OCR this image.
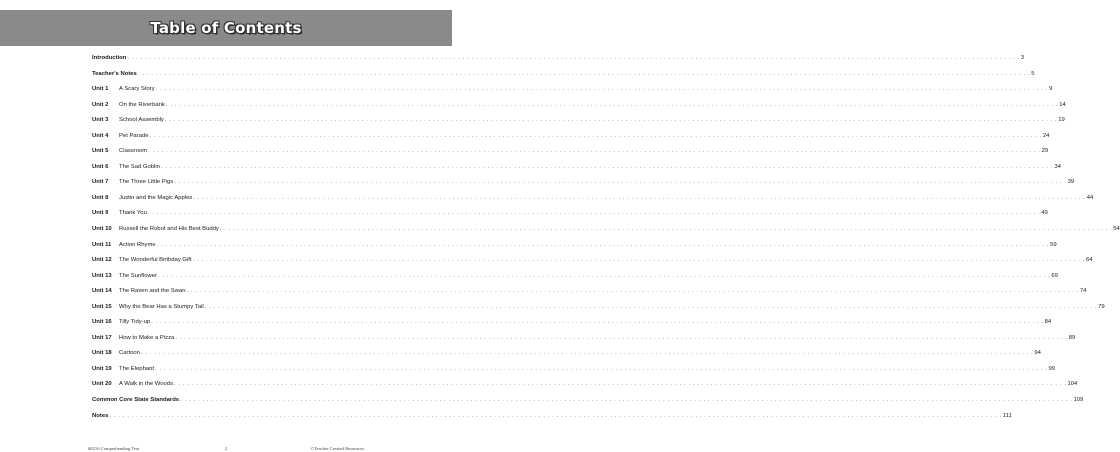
Table of Contents
Introduction . . . . . . . . . . . . . . . . . . . . . . . . . . . . . . . . . . . . . . . . . . . . . . . . . . . . . . . . . . . . . . . . . . . . . . . . . . . . . . . . . . . . . . . . . . . . . . . . . . . . . . . . . . . . . . . . . . . . . . . . . . . . . . . . . . . . . . . . . . . . . . . . . . . . . . . . . . . . . . . . . . . . . . . . . . . . . . . . . . . . . . . . . . . . . . . . . . . . . . . . 3
Teacher's Notes . . . . . . . . . . . . . . . . . . . . . . . . . . . . . . . . . . . . . . . . . . . . . . . . . . . . . . . . . . . . . . . . . . . . . . . . . . . . . . . . . . . . . . . . . . . . . . . . . . . . . . . . . . . . . . . . . . . . . . . . . . . . . . . . . . . . . . . . . . . . . . . . . . . . . . . . . . . . . . . . . . . . . . . . . . . . . . . . . . . . . . . . . . . . . . . . . . . . . . . . 5
Unit 1	A Scary Story . . . . . . . . . . . . . . . . . . . . . . . . . . . . . . . . . . . . . . . . . . . . . . . . . . . . . . . . . . . . . . . . . . . . . . . . . . . . . . . . . . . . . . . . . . . . . . . . . . . . . . . . . . . . . . . . . . . . . . . . . . . . . . . . . . . . . . . . . . . . . . . . . . . . . . . . . . . . . . . . . . . . . . . . . . . . . . . . . . . . . . . . . . . . . . . . . . . . . . . . 9
Unit 2	On the Riverbank . . . . . . . . . . . . . . . . . . . . . . . . . . . . . . . . . . . . . . . . . . . . . . . . . . . . . . . . . . . . . . . . . . . . . . . . . . . . . . . . . . . . . . . . . . . . . . . . . . . . . . . . . . . . . . . . . . . . . . . . . . . . . . . . . . . . . . . . . . . . . . . . . . . . . . . . . . . . . . . . . . . . . . . . . . . . . . . . . . . . . . . . . . . . . . . . . . . . . . . . 14
Unit 3	School Assembly . . . . . . . . . . . . . . . . . . . . . . . . . . . . . . . . . . . . . . . . . . . . . . . . . . . . . . . . . . . . . . . . . . . . . . . . . . . . . . . . . . . . . . . . . . . . . . . . . . . . . . . . . . . . . . . . . . . . . . . . . . . . . . . . . . . . . . . . . . . . . . . . . . . . . . . . . . . . . . . . . . . . . . . . . . . . . . . . . . . . . . . . . . . . . . . . . . . . . . . . 19
Unit 4	Pet Parade . . . . . . . . . . . . . . . . . . . . . . . . . . . . . . . . . . . . . . . . . . . . . . . . . . . . . . . . . . . . . . . . . . . . . . . . . . . . . . . . . . . . . . . . . . . . . . . . . . . . . . . . . . . . . . . . . . . . . . . . . . . . . . . . . . . . . . . . . . . . . . . . . . . . . . . . . . . . . . . . . . . . . . . . . . . . . . . . . . . . . . . . . . . . . . . . . . . . . . . . 24
Unit 5	Classroom . . . . . . . . . . . . . . . . . . . . . . . . . . . . . . . . . . . . . . . . . . . . . . . . . . . . . . . . . . . . . . . . . . . . . . . . . . . . . . . . . . . . . . . . . . . . . . . . . . . . . . . . . . . . . . . . . . . . . . . . . . . . . . . . . . . . . . . . . . . . . . . . . . . . . . . . . . . . . . . . . . . . . . . . . . . . . . . . . . . . . . . . . . . . . . . . . . . . . . . . 29
Unit 6	The Sad Goblin . . . . . . . . . . . . . . . . . . . . . . . . . . . . . . . . . . . . . . . . . . . . . . . . . . . . . . . . . . . . . . . . . . . . . . . . . . . . . . . . . . . . . . . . . . . . . . . . . . . . . . . . . . . . . . . . . . . . . . . . . . . . . . . . . . . . . . . . . . . . . . . . . . . . . . . . . . . . . . . . . . . . . . . . . . . . . . . . . . . . . . . . . . . . . . . . . . . . . . . . 34
Unit 7	The Three Little Pigs . . . . . . . . . . . . . . . . . . . . . . . . . . . . . . . . . . . . . . . . . . . . . . . . . . . . . . . . . . . . . . . . . . . . . . . . . . . . . . . . . . . . . . . . . . . . . . . . . . . . . . . . . . . . . . . . . . . . . . . . . . . . . . . . . . . . . . . . . . . . . . . . . . . . . . . . . . . . . . . . . . . . . . . . . . . . . . . . . . . . . . . . . . . . . . . . . . . . . . . . 39
Unit 8	Justin and the Magic Apples . . . . . . . . . . . . . . . . . . . . . . . . . . . . . . . . . . . . . . . . . . . . . . . . . . . . . . . . . . . . . . . . . . . . . . . . . . . . . . . . . . . . . . . . . . . . . . . . . . . . . . . . . . . . . . . . . . . . . . . . . . . . . . . . . . . . . . . . . . . . . . . . . . . . . . . . . . . . . . . . . . . . . . . . . . . . . . . . . . . . . . . . . . . . . . . . . . . . . . . . 44
Unit 9	Thank You . . . . . . . . . . . . . . . . . . . . . . . . . . . . . . . . . . . . . . . . . . . . . . . . . . . . . . . . . . . . . . . . . . . . . . . . . . . . . . . . . . . . . . . . . . . . . . . . . . . . . . . . . . . . . . . . . . . . . . . . . . . . . . . . . . . . . . . . . . . . . . . . . . . . . . . . . . . . . . . . . . . . . . . . . . . . . . . . . . . . . . . . . . . . . . . . . . . . . . . . 49
Unit 10	Russell the Robot and His Best Buddy . . . . . . . . . . . . . . . . . . . . . . . . . . . . . . . . . . . . . . . . . . . . . . . . . . . . . . . . . . . . . . . . . . . . . . . . . . . . . . . . . . . . . . . . . . . . . . . . . . . . . . . . . . . . . . . . . . . . . . . . . . . . . . . . . . . . . . . . . . . . . . . . . . . . . . . . . . . . . . . . . . . . . . . . . . . . . . . . . . . . . . . . . . . . . . . . . . . . . . . . 54
Unit 11	Action Rhyme . . . . . . . . . . . . . . . . . . . . . . . . . . . . . . . . . . . . . . . . . . . . . . . . . . . . . . . . . . . . . . . . . . . . . . . . . . . . . . . . . . . . . . . . . . . . . . . . . . . . . . . . . . . . . . . . . . . . . . . . . . . . . . . . . . . . . . . . . . . . . . . . . . . . . . . . . . . . . . . . . . . . . . . . . . . . . . . . . . . . . . . . . . . . . . . . . . . . . . . . 59
Unit 12	The Wonderful Birthday Gift . . . . . . . . . . . . . . . . . . . . . . . . . . . . . . . . . . . . . . . . . . . . . . . . . . . . . . . . . . . . . . . . . . . . . . . . . . . . . . . . . . . . . . . . . . . . . . . . . . . . . . . . . . . . . . . . . . . . . . . . . . . . . . . . . . . . . . . . . . . . . . . . . . . . . . . . . . . . . . . . . . . . . . . . . . . . . . . . . . . . . . . . . . . . . . . . . . . . . . . . 64
Unit 13	The Sunflower . . . . . . . . . . . . . . . . . . . . . . . . . . . . . . . . . . . . . . . . . . . . . . . . . . . . . . . . . . . . . . . . . . . . . . . . . . . . . . . . . . . . . . . . . . . . . . . . . . . . . . . . . . . . . . . . . . . . . . . . . . . . . . . . . . . . . . . . . . . . . . . . . . . . . . . . . . . . . . . . . . . . . . . . . . . . . . . . . . . . . . . . . . . . . . . . . . . . . . . . 69
Unit 14	The Raven and the Swan . . . . . . . . . . . . . . . . . . . . . . . . . . . . . . . . . . . . . . . . . . . . . . . . . . . . . . . . . . . . . . . . . . . . . . . . . . . . . . . . . . . . . . . . . . . . . . . . . . . . . . . . . . . . . . . . . . . . . . . . . . . . . . . . . . . . . . . . . . . . . . . . . . . . . . . . . . . . . . . . . . . . . . . . . . . . . . . . . . . . . . . . . . . . . . . . . . . . . . . . 74
Unit 15	Why the Bear Has a Stumpy Tail . . . . . . . . . . . . . . . . . . . . . . . . . . . . . . . . . . . . . . . . . . . . . . . . . . . . . . . . . . . . . . . . . . . . . . . . . . . . . . . . . . . . . . . . . . . . . . . . . . . . . . . . . . . . . . . . . . . . . . . . . . . . . . . . . . . . . . . . . . . . . . . . . . . . . . . . . . . . . . . . . . . . . . . . . . . . . . . . . . . . . . . . . . . . . . . . . . . . . . . . 79
Unit 16	Tilly Tidy-up . . . . . . . . . . . . . . . . . . . . . . . . . . . . . . . . . . . . . . . . . . . . . . . . . . . . . . . . . . . . . . . . . . . . . . . . . . . . . . . . . . . . . . . . . . . . . . . . . . . . . . . . . . . . . . . . . . . . . . . . . . . . . . . . . . . . . . . . . . . . . . . . . . . . . . . . . . . . . . . . . . . . . . . . . . . . . . . . . . . . . . . . . . . . . . . . . . . . . . . . 84
Unit 17	How to Make a Pizza . . . . . . . . . . . . . . . . . . . . . . . . . . . . . . . . . . . . . . . . . . . . . . . . . . . . . . . . . . . . . . . . . . . . . . . . . . . . . . . . . . . . . . . . . . . . . . . . . . . . . . . . . . . . . . . . . . . . . . . . . . . . . . . . . . . . . . . . . . . . . . . . . . . . . . . . . . . . . . . . . . . . . . . . . . . . . . . . . . . . . . . . . . . . . . . . . . . . . . . . 89
Unit 18	Cartoon . . . . . . . . . . . . . . . . . . . . . . . . . . . . . . . . . . . . . . . . . . . . . . . . . . . . . . . . . . . . . . . . . . . . . . . . . . . . . . . . . . . . . . . . . . . . . . . . . . . . . . . . . . . . . . . . . . . . . . . . . . . . . . . . . . . . . . . . . . . . . . . . . . . . . . . . . . . . . . . . . . . . . . . . . . . . . . . . . . . . . . . . . . . . . . . . . . . . . . . . 94
Unit 19	The Elephant . . . . . . . . . . . . . . . . . . . . . . . . . . . . . . . . . . . . . . . . . . . . . . . . . . . . . . . . . . . . . . . . . . . . . . . . . . . . . . . . . . . . . . . . . . . . . . . . . . . . . . . . . . . . . . . . . . . . . . . . . . . . . . . . . . . . . . . . . . . . . . . . . . . . . . . . . . . . . . . . . . . . . . . . . . . . . . . . . . . . . . . . . . . . . . . . . . . . . . . . 99
Unit 20	A Walk in the Woods . . . . . . . . . . . . . . . . . . . . . . . . . . . . . . . . . . . . . . . . . . . . . . . . . . . . . . . . . . . . . . . . . . . . . . . . . . . . . . . . . . . . . . . . . . . . . . . . . . . . . . . . . . . . . . . . . . . . . . . . . . . . . . . . . . . . . . . . . . . . . . . . . . . . . . . . . . . . . . . . . . . . . . . . . . . . . . . . . . . . . . . . . . . . . . . . . . . . . . . . 104
Common Core State Standards . . . . . . . . . . . . . . . . . . . . . . . . . . . . . . . . . . . . . . . . . . . . . . . . . . . . . . . . . . . . . . . . . . . . . . . . . . . . . . . . . . . . . . . . . . . . . . . . . . . . . . . . . . . . . . . . . . . . . . . . . . . . . . . . . . . . . . . . . . . . . . . . . . . . . . . . . . . . . . . . . . . . . . . . . . . . . . . . . . . . . . . . . . . . . . . . . . . . . . . . 109
Notes . . . . . . . . . . . . . . . . . . . . . . . . . . . . . . . . . . . . . . . . . . . . . . . . . . . . . . . . . . . . . . . . . . . . . . . . . . . . . . . . . . . . . . . . . . . . . . . . . . . . . . . . . . . . . . . . . . . . . . . . . . . . . . . . . . . . . . . . . . . . . . . . . . . . . . . . . . . . . . . . . . . . . . . . . . . . . . . . . . . . . . . . . . . . . . . . . . . . . . . . 111
#8216 Comprehending Text	2	©Teacher Created Resources
